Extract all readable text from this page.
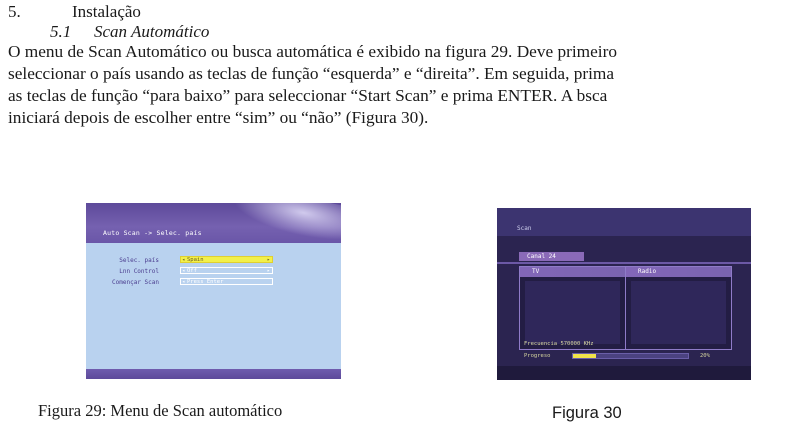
5.	Instalação
5.1 Scan Automático

O menu de Scan Automático ou busca automática é exibido na figura 29. Deve primeiro
seleccionar o país usando as teclas de função “esquerda” e “direita”. Em seguida, prima
as teclas de função “para baixo” para seleccionar “Start Scan” e prima ENTER. A bsca
iniciará depois de escolher entre “sim” ou “não” (Figura 30).

Auto Scan -> Selec. país
Selec. país	◂ Spain	▸
Lnn Control	◂ Off	▸
Començar Scan	◂ Press Enter
Scan
Canal 24
TV	Radio
Frecuencia 570000 KHz
Progreso	20%
Figura 29: Menu de Scan automático	Figura 30
